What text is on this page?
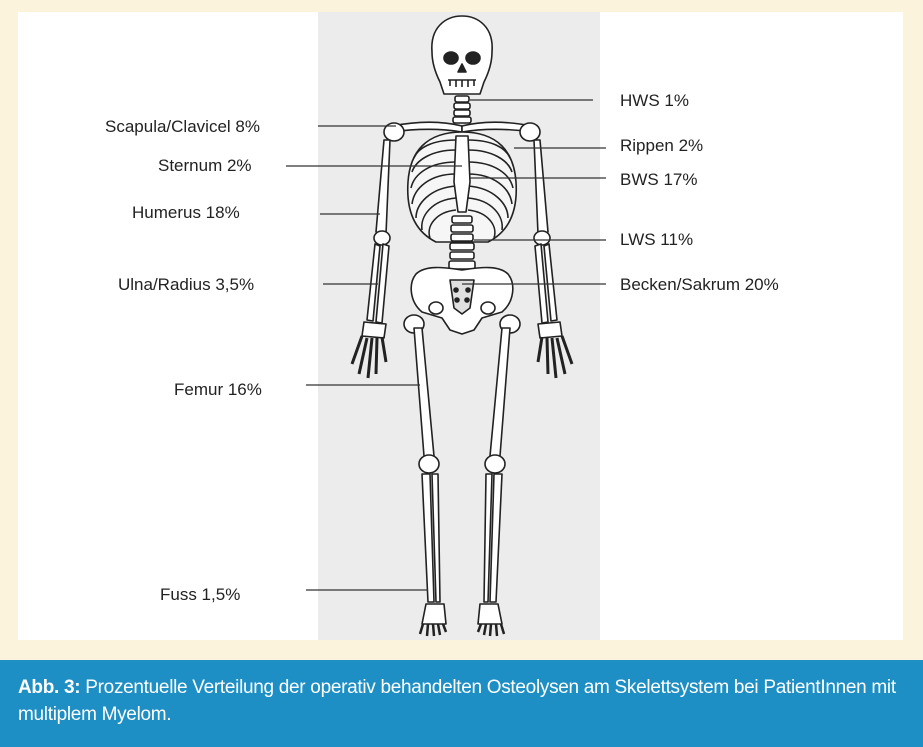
HWS 1%
Scapula/Clavicel 8%
Rippen 2%
Sternum 2%
BWS 17%
Humerus 18%
LWS 11%
Ulna/Radius 3,5%	Becken/Sakrum 20%
Femur 16%
Fuss 1,5%
Abb. 3: Prozentuelle Verteilung der operativ behandelten Osteolysen am Skelettsystem bei PatientInnen mit multiplem Myelom.
